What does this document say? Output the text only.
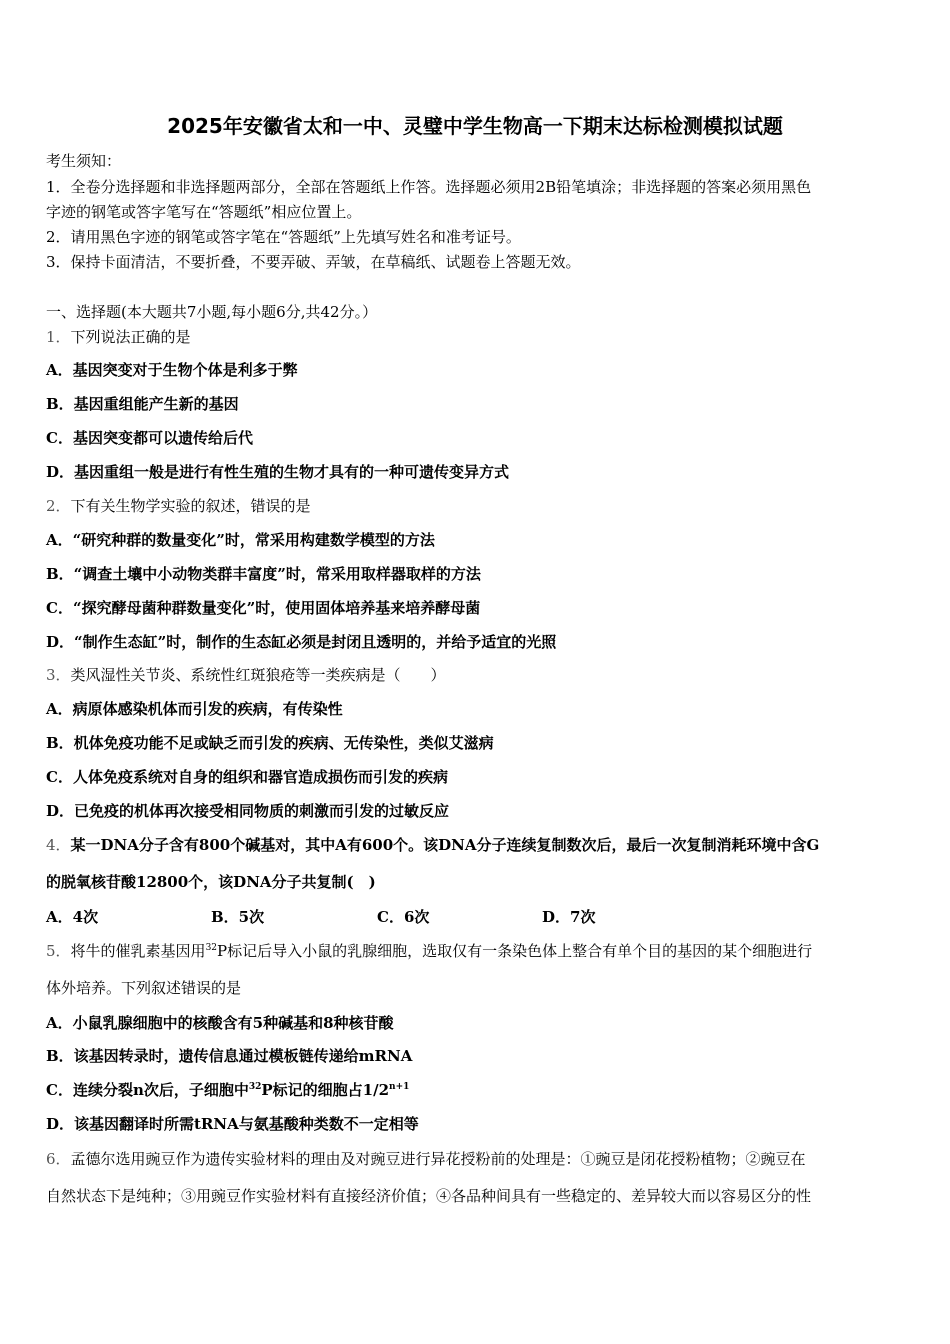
2025年安徽省太和一中、灵璧中学生物高一下期末达标检测模拟试题
考生须知：
1．全卷分选择题和非选择题两部分，全部在答题纸上作答。选择题必须用2B铅笔填涂；非选择题的答案必须用黑色
字迹的钢笔或答字笔写在“答题纸”相应位置上。
2．请用黑色字迹的钢笔或答字笔在“答题纸”上先填写姓名和准考证号。
3．保持卡面清洁，不要折叠，不要弄破、弄皱，在草稿纸、试题卷上答题无效。
一、选择题(本大题共7小题,每小题6分,共42分。）
1．下列说法正确的是
A．基因突变对于生物个体是利多于弊
B．基因重组能产生新的基因
C．基因突变都可以遗传给后代
D．基因重组一般是进行有性生殖的生物才具有的一种可遗传变异方式
2．下有关生物学实验的叙述，错误的是
A．“研究种群的数量变化”时，常采用构建数学模型的方法
B．“调查土壤中小动物类群丰富度”时，常采用取样器取样的方法
C．“探究酵母菌种群数量变化”时，使用固体培养基来培养酵母菌
D．“制作生态缸”时，制作的生态缸必须是封闭且透明的，并给予适宜的光照
3．类风湿性关节炎、系统性红斑狼疮等一类疾病是（　　）
A．病原体感染机体而引发的疾病，有传染性
B．机体免疫功能不足或缺乏而引发的疾病、无传染性，类似艾滋病
C．人体免疫系统对自身的组织和器官造成损伤而引发的疾病
D．已免疫的机体再次接受相同物质的刺激而引发的过敏反应
4．某一DNA分子含有800个碱基对，其中A有600个。该DNA分子连续复制数次后，最后一次复制消耗环境中含G
的脱氧核苷酸12800个，该DNA分子共复制(　)
A．4次	B．5次	C．6次	D．7次
5．将牛的催乳素基因用$^{32}$P标记后导入小鼠的乳腺细胞，选取仅有一条染色体上整合有单个目的基因的某个细胞进行
体外培养。下列叙述错误的是
A．小鼠乳腺细胞中的核酸含有5种碱基和8种核苷酸
B．该基因转录时，遗传信息通过模板链传递给mRNA
C．连续分裂n次后，子细胞中$^{32}$P标记的细胞占$1/2^{n+1}$
D．该基因翻译时所需tRNA与氨基酸种类数不一定相等
6．孟德尔选用豌豆作为遗传实验材料的理由及对豌豆进行异花授粉前的处理是：①豌豆是闭花授粉植物；②豌豆在
自然状态下是纯种；③用豌豆作实验材料有直接经济价值；④各品种间具有一些稳定的、差异较大而以容易区分的性
